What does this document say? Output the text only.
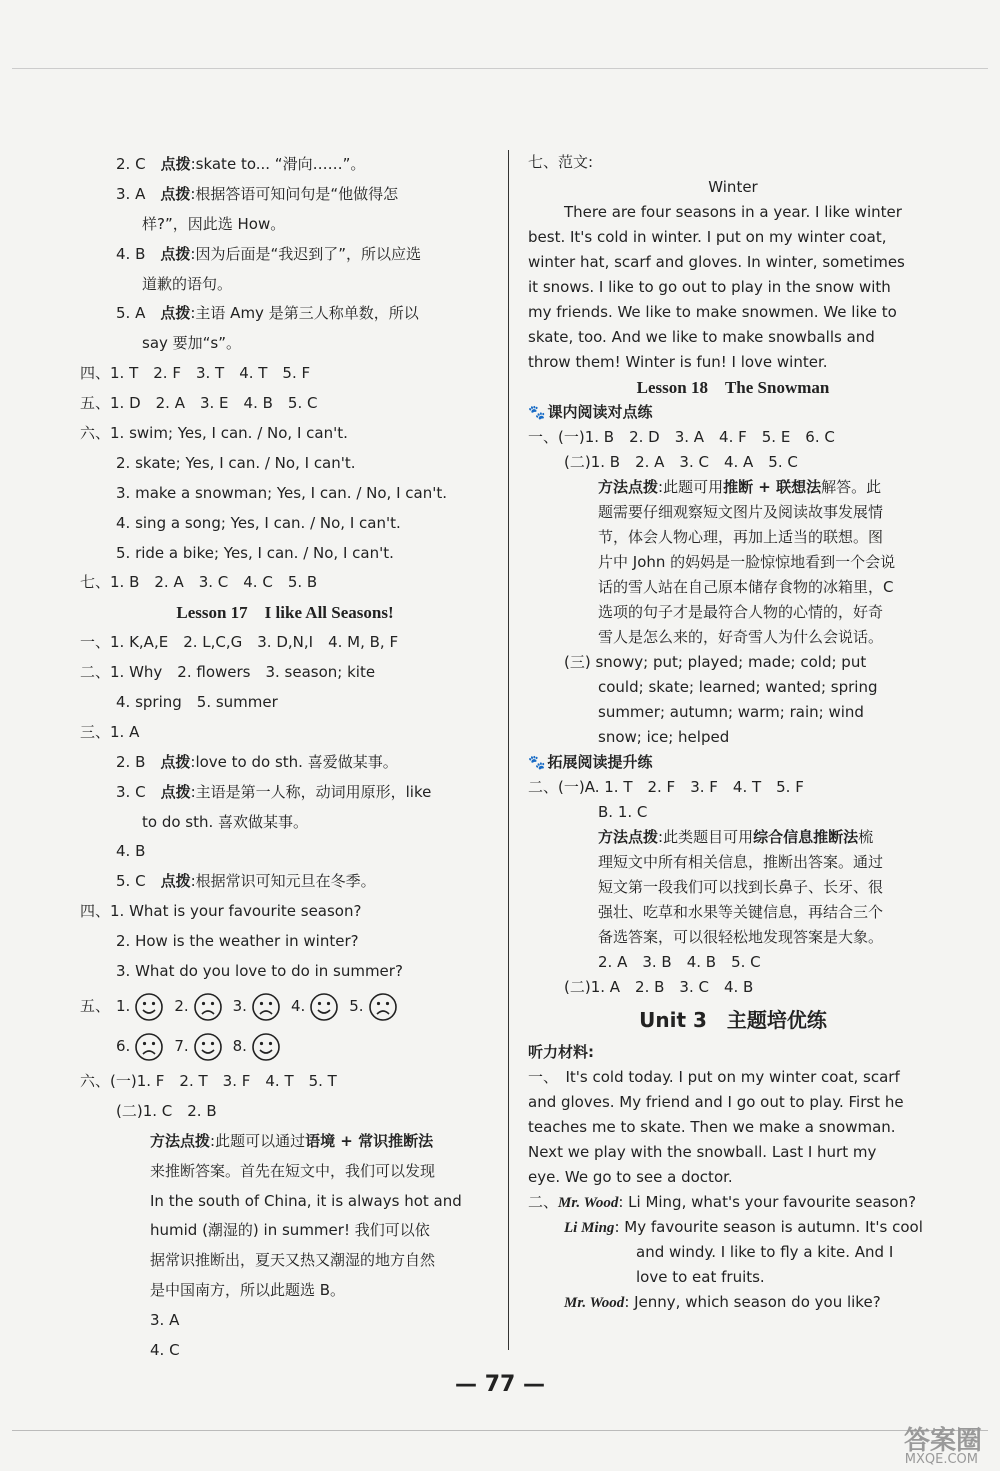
2. C　点拨:skate to... “滑向……”。
3. A　点拨:根据答语可知问句是“他做得怎
样?”，因此选 How。
4. B　点拨:因为后面是“我迟到了”，所以应选
道歉的语句。
5. A　点拨:主语 Amy 是第三人称单数，所以
say 要加“s”。
四、1. T　2. F　3. T　4. T　5. F
五、1. D　2. A　3. E　4. B　5. C
六、1. swim; Yes, I can. / No, I can't.
2. skate; Yes, I can. / No, I can't.
3. make a snowman; Yes, I can. / No, I can't.
4. sing a song; Yes, I can. / No, I can't.
5. ride a bike; Yes, I can. / No, I can't.
七、1. B　2. A　3. C　4. C　5. B
Lesson 17　I like All Seasons!
一、1. K,A,E　2. L,C,G　3. D,N,I　4. M, B, F
二、1. Why　2. flowers　3. season; kite
4. spring　5. summer
三、1. A
2. B　点拨:love to do sth. 喜爱做某事。
3. C　点拨:主语是第一人称，动词用原形，like
to do sth. 喜欢做某事。
4. B
5. C　点拨:根据常识可知元旦在冬季。
四、1. What is your favourite season?
2. How is the weather in winter?
3. What do you love to do in summer?
五、 1.	2.	3.	4.	5.

6.	7.	8.
六、(一)1. F　2. T　3. F　4. T　5. T
(二)1. C　2. B
方法点拨:此题可以通过语境 + 常识推断法
来推断答案。首先在短文中，我们可以发现
In the south of China, it is always hot and
humid (潮湿的) in summer! 我们可以依
据常识推断出，夏天又热又潮湿的地方自然
是中国南方，所以此题选 B。
3. A
4. C
七、范文:
Winter
There are four seasons in a year. I like winter
best. It's cold in winter. I put on my winter coat,
winter hat, scarf and gloves. In winter, sometimes
it snows. I like to go out to play in the snow with
my friends. We like to make snowmen. We like to
skate, too. And we like to make snowballs and
throw them! Winter is fun! I love winter.
Lesson 18　The Snowman
🐾 课内阅读对点练
一、(一)1. B　2. D　3. A　4. F　5. E　6. C
(二)1. B　2. A　3. C　4. A　5. C
方法点拨:此题可用推断 + 联想法解答。此
题需要仔细观察短文图片及阅读故事发展情
节，体会人物心理，再加上适当的联想。图
片中 John 的妈妈是一脸惊惊地看到一个会说
话的雪人站在自己原本储存食物的冰箱里，C
选项的句子才是最符合人物的心情的，好奇
雪人是怎么来的，好奇雪人为什么会说话。
(三) snowy; put; played; made; cold; put
could; skate; learned; wanted; spring
summer; autumn; warm; rain; wind
snow; ice; helped
🐾 拓展阅读提升练
二、(一)A. 1. T　2. F　3. F　4. T　5. F
B. 1. C
方法点拨:此类题目可用综合信息推断法梳
理短文中所有相关信息，推断出答案。通过
短文第一段我们可以找到长鼻子、长牙、很
强壮、吃草和水果等关键信息，再结合三个
备选答案，可以很轻松地发现答案是大象。
2. A　3. B　4. B　5. C
(二)1. A　2. B　3. C　4. B
Unit 3　主题培优练
听力材料:
一、　It's cold today. I put on my winter coat, scarf
and gloves. My friend and I go out to play. First he
teaches me to skate. Then we make a snowman.
Next we play with the snowball. Last I hurt my
eye. We go to see a doctor.
二、Mr. Wood: Li Ming, what's your favourite season?
Li Ming: My favourite season is autumn. It's cool
and windy. I like to fly a kite. And I
love to eat fruits.
Mr. Wood: Jenny, which season do you like?
— 77 —
答案圈
MXQE.COM
